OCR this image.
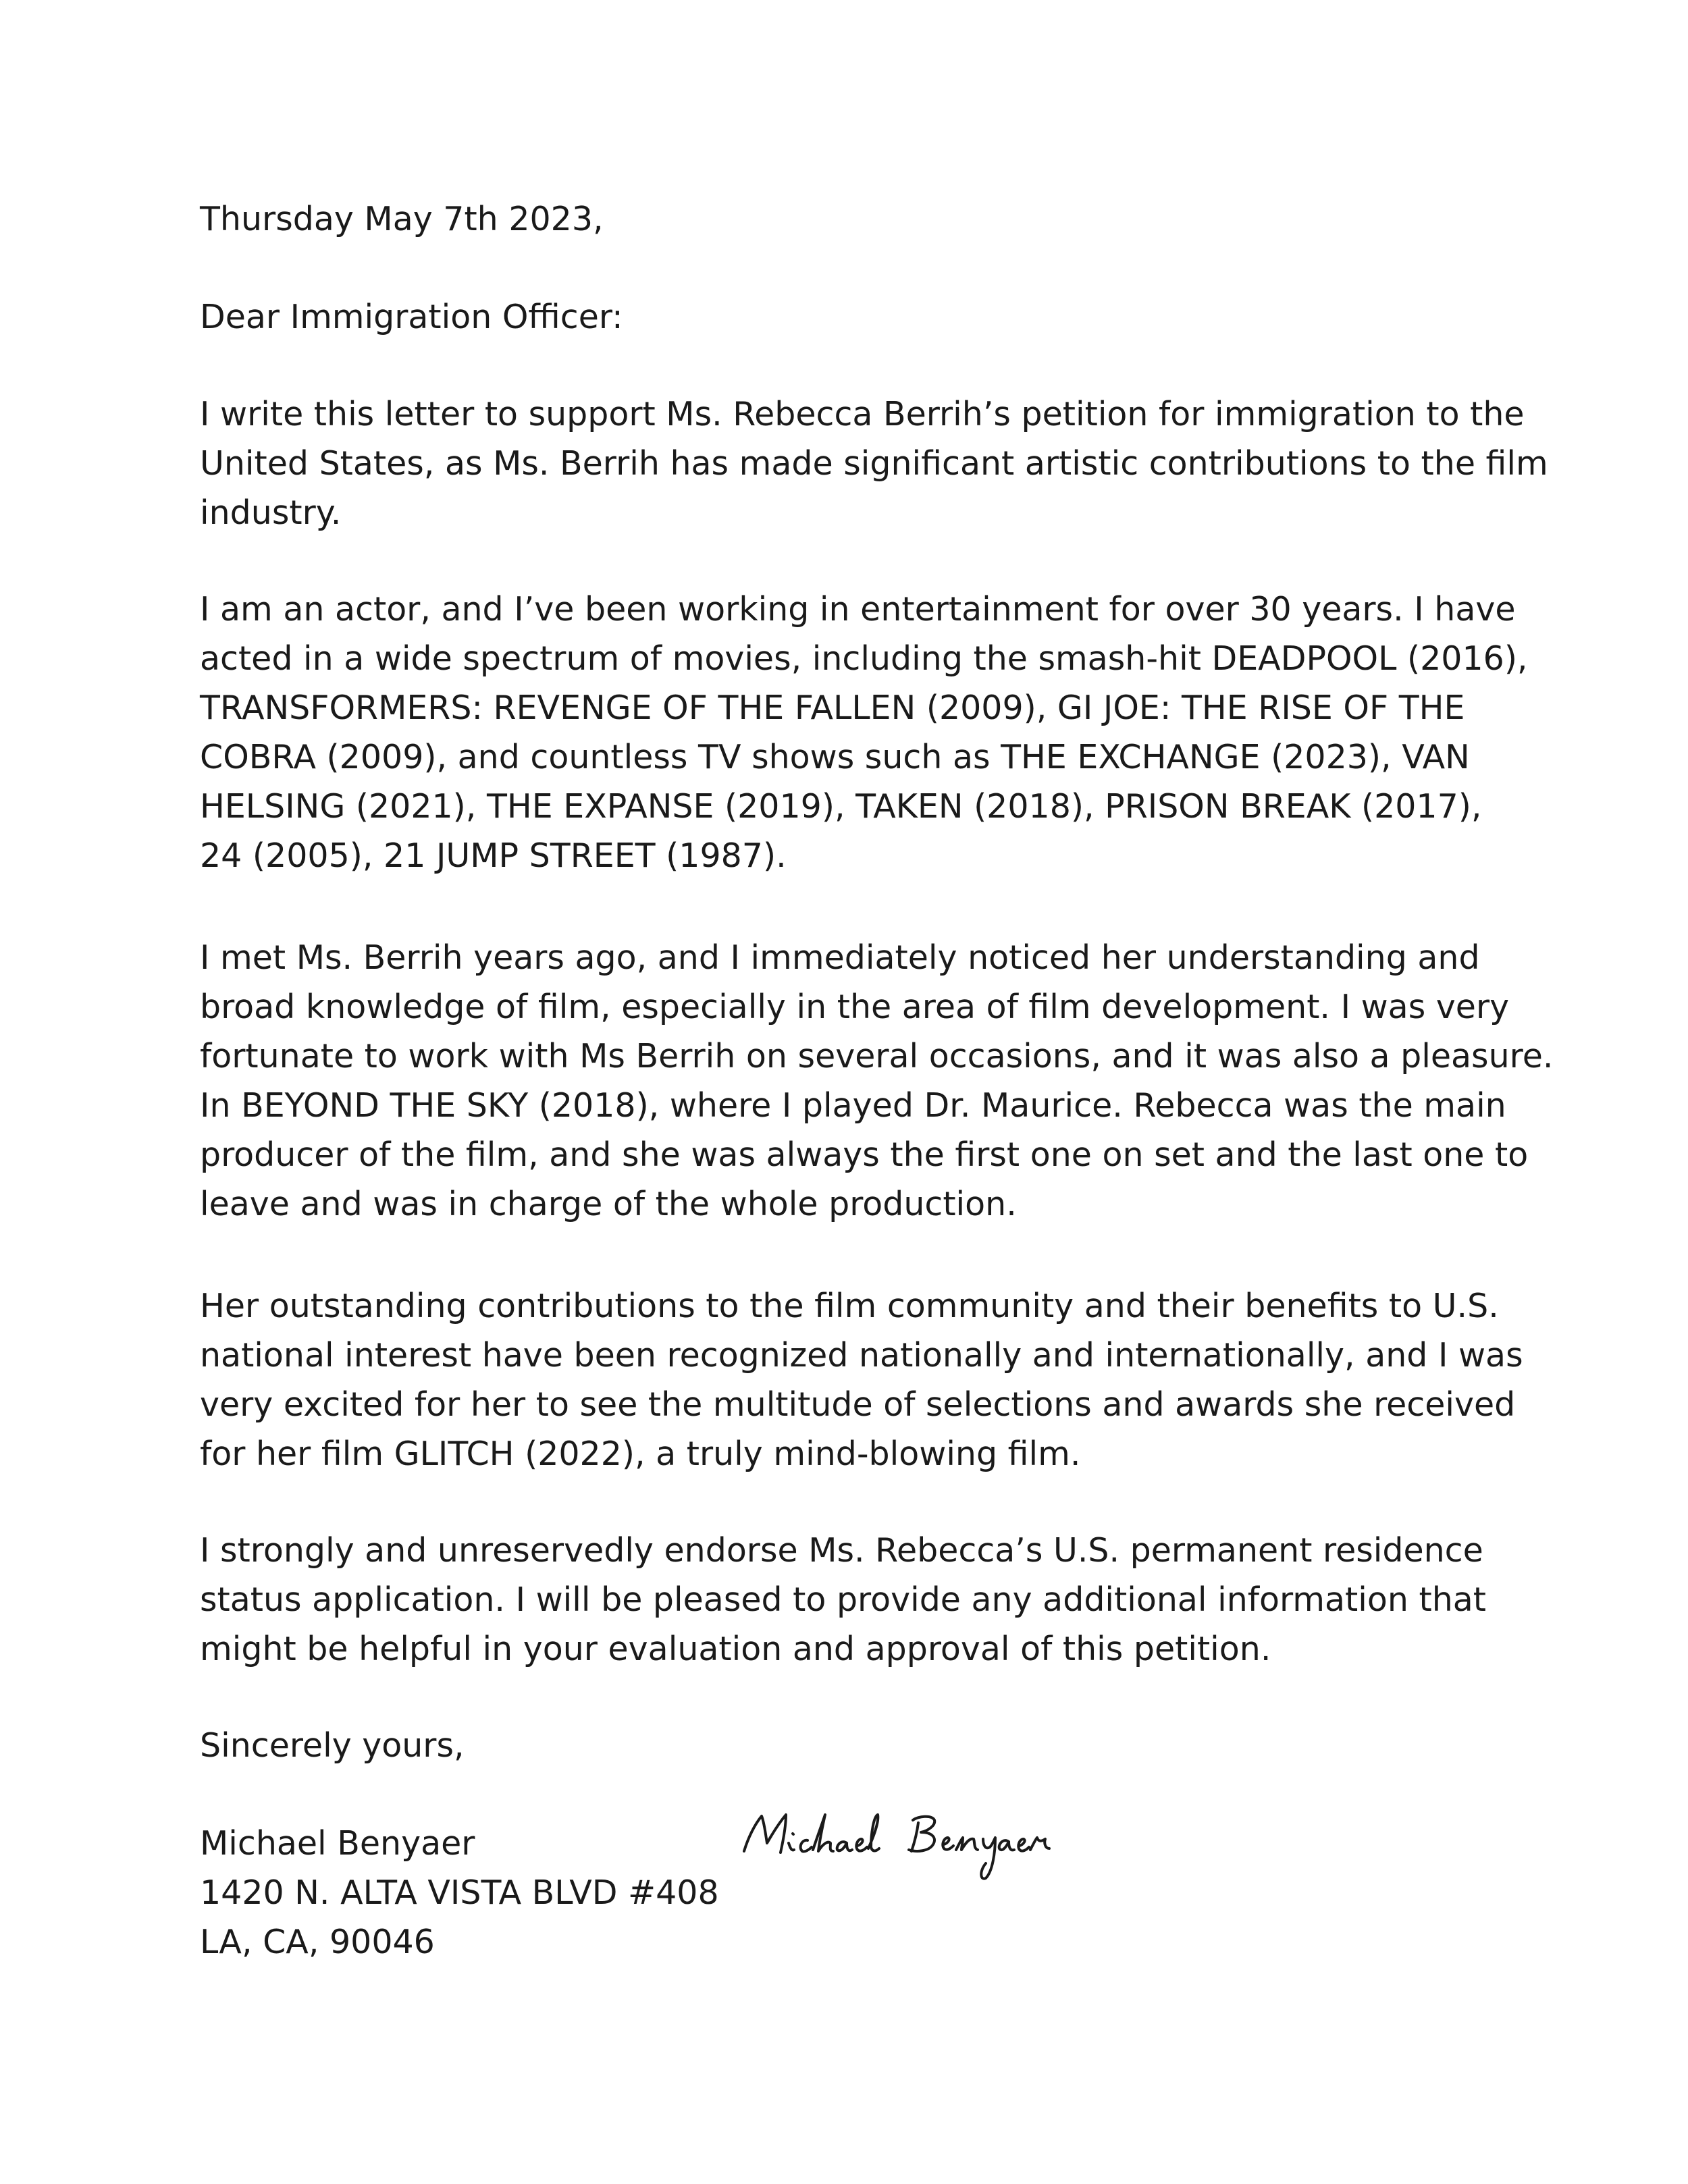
Thursday May 7th 2023,
Dear Immigration Officer:
I write this letter to support Ms. Rebecca Berrih’s petition for immigration to the
United States, as Ms. Berrih has made significant artistic contributions to the film
industry.
I am an actor, and I’ve been working in entertainment for over 30 years. I have
acted in a wide spectrum of movies, including the smash-hit DEADPOOL (2016),
TRANSFORMERS: REVENGE OF THE FALLEN (2009), GI JOE: THE RISE OF THE
COBRA (2009), and countless TV shows such as THE EXCHANGE (2023), VAN
HELSING (2021), THE EXPANSE (2019), TAKEN (2018), PRISON BREAK (2017),
24 (2005), 21 JUMP STREET (1987).
I met Ms. Berrih years ago, and I immediately noticed her understanding and
broad knowledge of film, especially in the area of film development. I was very
fortunate to work with Ms Berrih on several occasions, and it was also a pleasure.
In BEYOND THE SKY (2018), where I played Dr. Maurice. Rebecca was the main
producer of the film, and she was always the first one on set and the last one to
leave and was in charge of the whole production.
Her outstanding contributions to the film community and their benefits to U.S.
national interest have been recognized nationally and internationally, and I was
very excited for her to see the multitude of selections and awards she received
for her film GLITCH (2022), a truly mind-blowing film.
I strongly and unreservedly endorse Ms. Rebecca’s U.S. permanent residence
status application. I will be pleased to provide any additional information that
might be helpful in your evaluation and approval of this petition.
Sincerely yours,
Michael Benyaer
1420 N. ALTA VISTA BLVD #408
LA, CA, 90046
